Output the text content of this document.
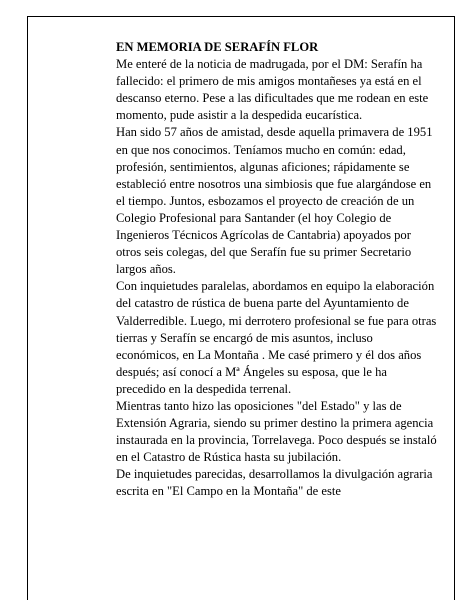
EN MEMORIA DE SERAFÍN FLOR

Me enteré de la noticia de madrugada, por el DM: Serafín ha fallecido: el primero de mis amigos montañeses ya está en el descanso eterno. Pese a las dificultades que me rodean en este momento, pude asistir a la despedida eucarística.

Han sido 57 años de amistad, desde aquella primavera de 1951 en que nos conocimos. Teníamos mucho en común: edad, profesión, sentimientos, algunas aficiones; rápidamente se estableció entre nosotros una simbiosis que fue alargándose en el tiempo. Juntos, esbozamos el proyecto de creación de un Colegio Profesional para Santander (el hoy Colegio de Ingenieros Técnicos Agrícolas de Cantabria) apoyados por otros seis colegas, del que Serafín fue su primer Secretario largos años.

Con inquietudes paralelas, abordamos en equipo la elaboración del catastro de rústica de buena parte del Ayuntamiento de Valderredible. Luego, mi derrotero profesional se fue para otras tierras y Serafín se encargó de mis asuntos, incluso económicos, en La Montaña . Me casé primero y él dos años después; así conocí a Mª Ángeles su esposa, que le ha precedido en la despedida terrenal.

Mientras tanto hizo las oposiciones "del Estado" y las de Extensión Agraria, siendo su primer destino la primera agencia instaurada en la provincia, Torrelavega. Poco después se instaló en el Catastro de Rústica hasta su jubilación.

De inquietudes parecidas, desarrollamos la divulgación agraria escrita en "El Campo en la Montaña" de este
